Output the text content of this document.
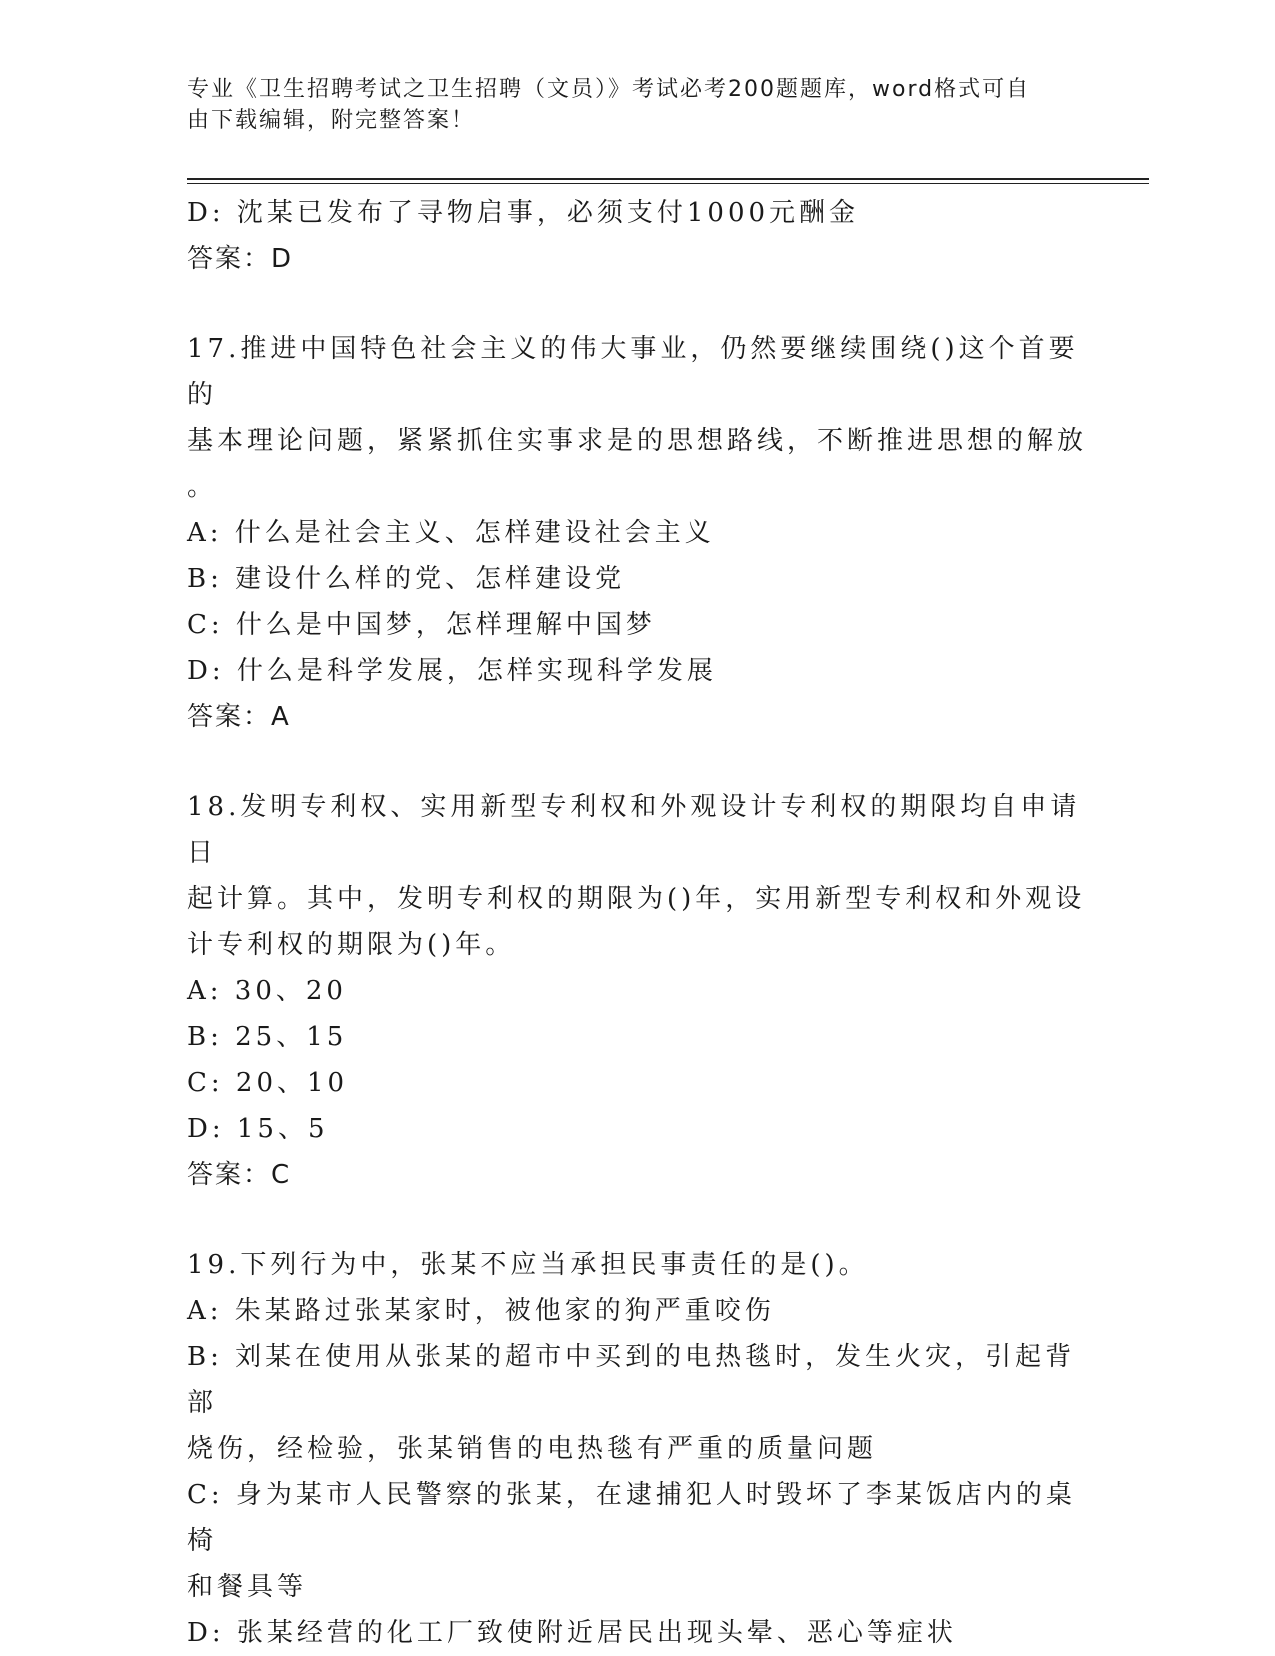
专业《卫生招聘考试之卫生招聘（文员）》考试必考200题题库，word格式可自
由下载编辑，附完整答案！
D: 沈某已发布了寻物启事，必须支付1000元酬金
答案：D
17.推进中国特色社会主义的伟大事业，仍然要继续围绕()这个首要的
基本理论问题，紧紧抓住实事求是的思想路线，不断推进思想的解放
。
A: 什么是社会主义、怎样建设社会主义
B: 建设什么样的党、怎样建设党
C: 什么是中国梦，怎样理解中国梦
D: 什么是科学发展，怎样实现科学发展
答案：A
18.发明专利权、实用新型专利权和外观设计专利权的期限均自申请日
起计算。其中，发明专利权的期限为()年，实用新型专利权和外观设
计专利权的期限为()年。
A: 30、20
B: 25、15
C: 20、10
D: 15、5
答案：C
19.下列行为中，张某不应当承担民事责任的是()。
A: 朱某路过张某家时，被他家的狗严重咬伤
B: 刘某在使用从张某的超市中买到的电热毯时，发生火灾，引起背部
烧伤，经检验，张某销售的电热毯有严重的质量问题
C: 身为某市人民警察的张某，在逮捕犯人时毁坏了李某饭店内的桌椅
和餐具等
D: 张某经营的化工厂致使附近居民出现头晕、恶心等症状
